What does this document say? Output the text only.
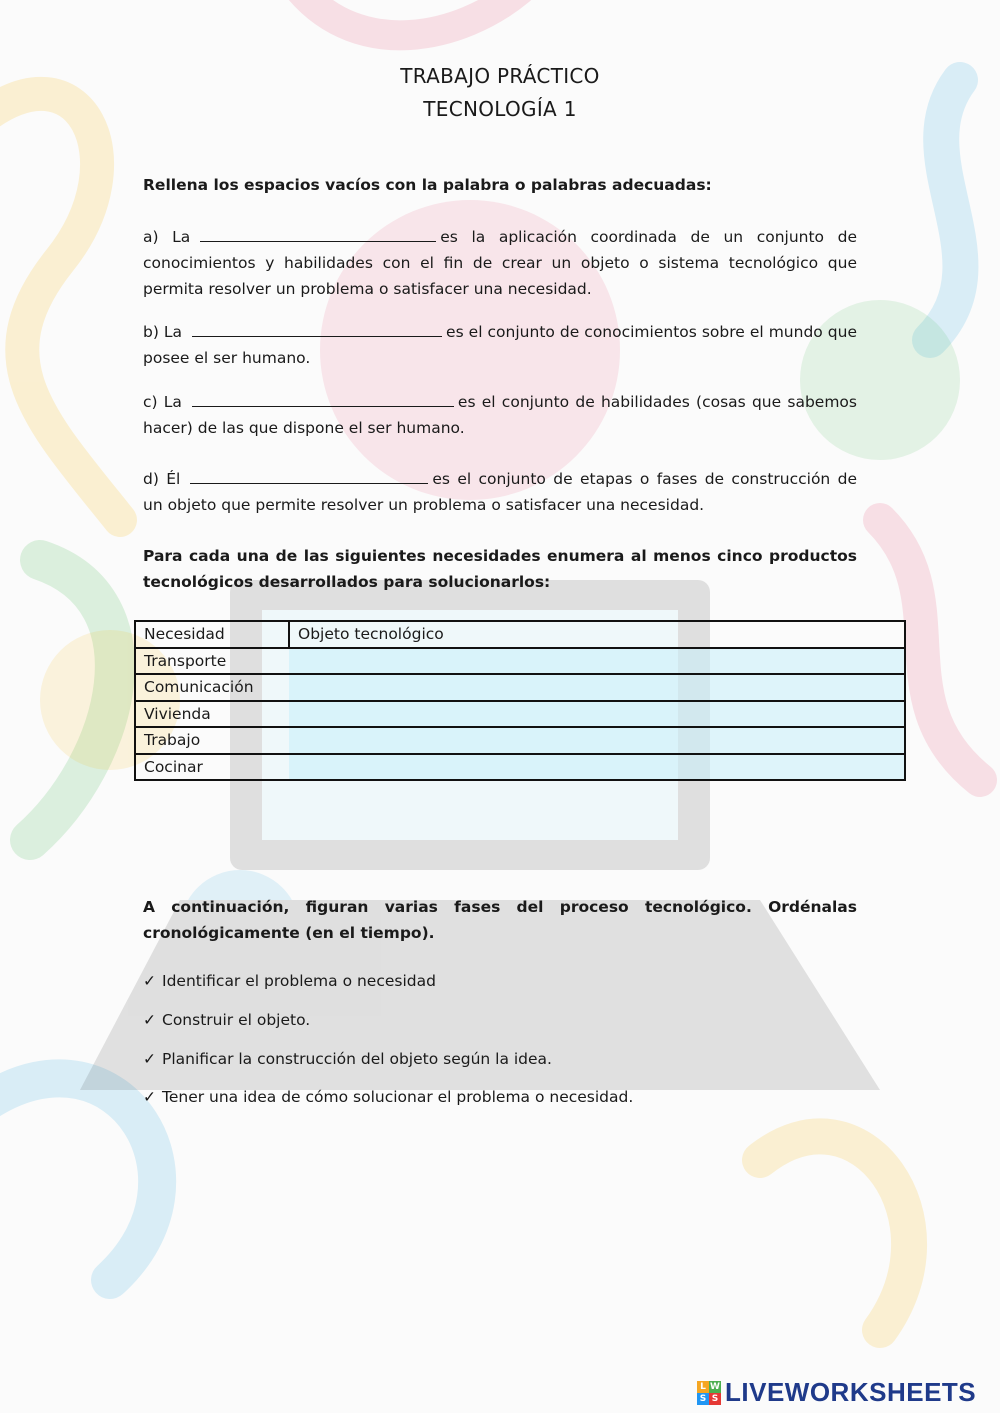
TRABAJO PRÁCTICO
TECNOLOGÍA 1
Rellena los espacios vacíos con la palabra o palabras adecuadas:
a) La	es la aplicación coordinada de un conjunto de conocimientos y habilidades con el fin de crear un objeto o sistema tecnológico que permita resolver un problema o satisfacer una necesidad.
b) La	es el conjunto de conocimientos sobre el mundo que posee el ser humano.
c) La	es el conjunto de habilidades (cosas que sabemos hacer) de las que dispone el ser humano.
d) Él	es el conjunto de etapas o fases de construcción de un objeto que permite resolver un problema o satisfacer una necesidad.
Para cada una de las siguientes necesidades enumera al menos cinco productos tecnológicos desarrollados para solucionarlos:
Necesidad	Objeto tecnológico
Transporte	
Comunicación	
Vivienda	
Trabajo	
Cocinar	
A continuación, figuran varias fases del proceso tecnológico. Ordénalas cronológicamente (en el tiempo).
✓ Identificar el problema o necesidad
✓ Construir el objeto.
✓ Planificar la construcción del objeto según la idea.
✓ Tener una idea de cómo solucionar el problema o necesidad.
L W
S S LIVEWORKSHEETS
